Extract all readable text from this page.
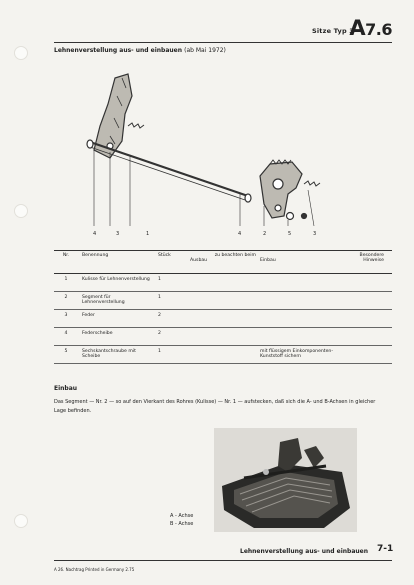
Sitze Typ 3
A7.6
Lehnenverstellung aus- und einbauen (ab Mai 1972)
4	3	1	4	2	5	3
Nr.	Benennung	Stück	zu beachten beim
Ausbau	Einbau	Besondere Hinweise
1	Kulisse für Lehnenverstellung	1			
2	Segment für Lehnenverstellung	1			
3	Feder	2			
4	Federscheibe	2			
5	Sechskantschraube mit Scheibe	1		mit flüssigem Einkomponenten-Kunststoff sichern	
Einbau
Das Segment — Nr. 2 — so auf den Vierkant des Rohres (Kulisse) — Nr. 1 — aufstecken, daß sich die A- und B-Achsen in gleicher Lage befinden.
A - Achse
B - Achse
Lehnenverstellung aus- und einbauen 7-1
A 26. Nachtrag Printed in Germany 2.75
